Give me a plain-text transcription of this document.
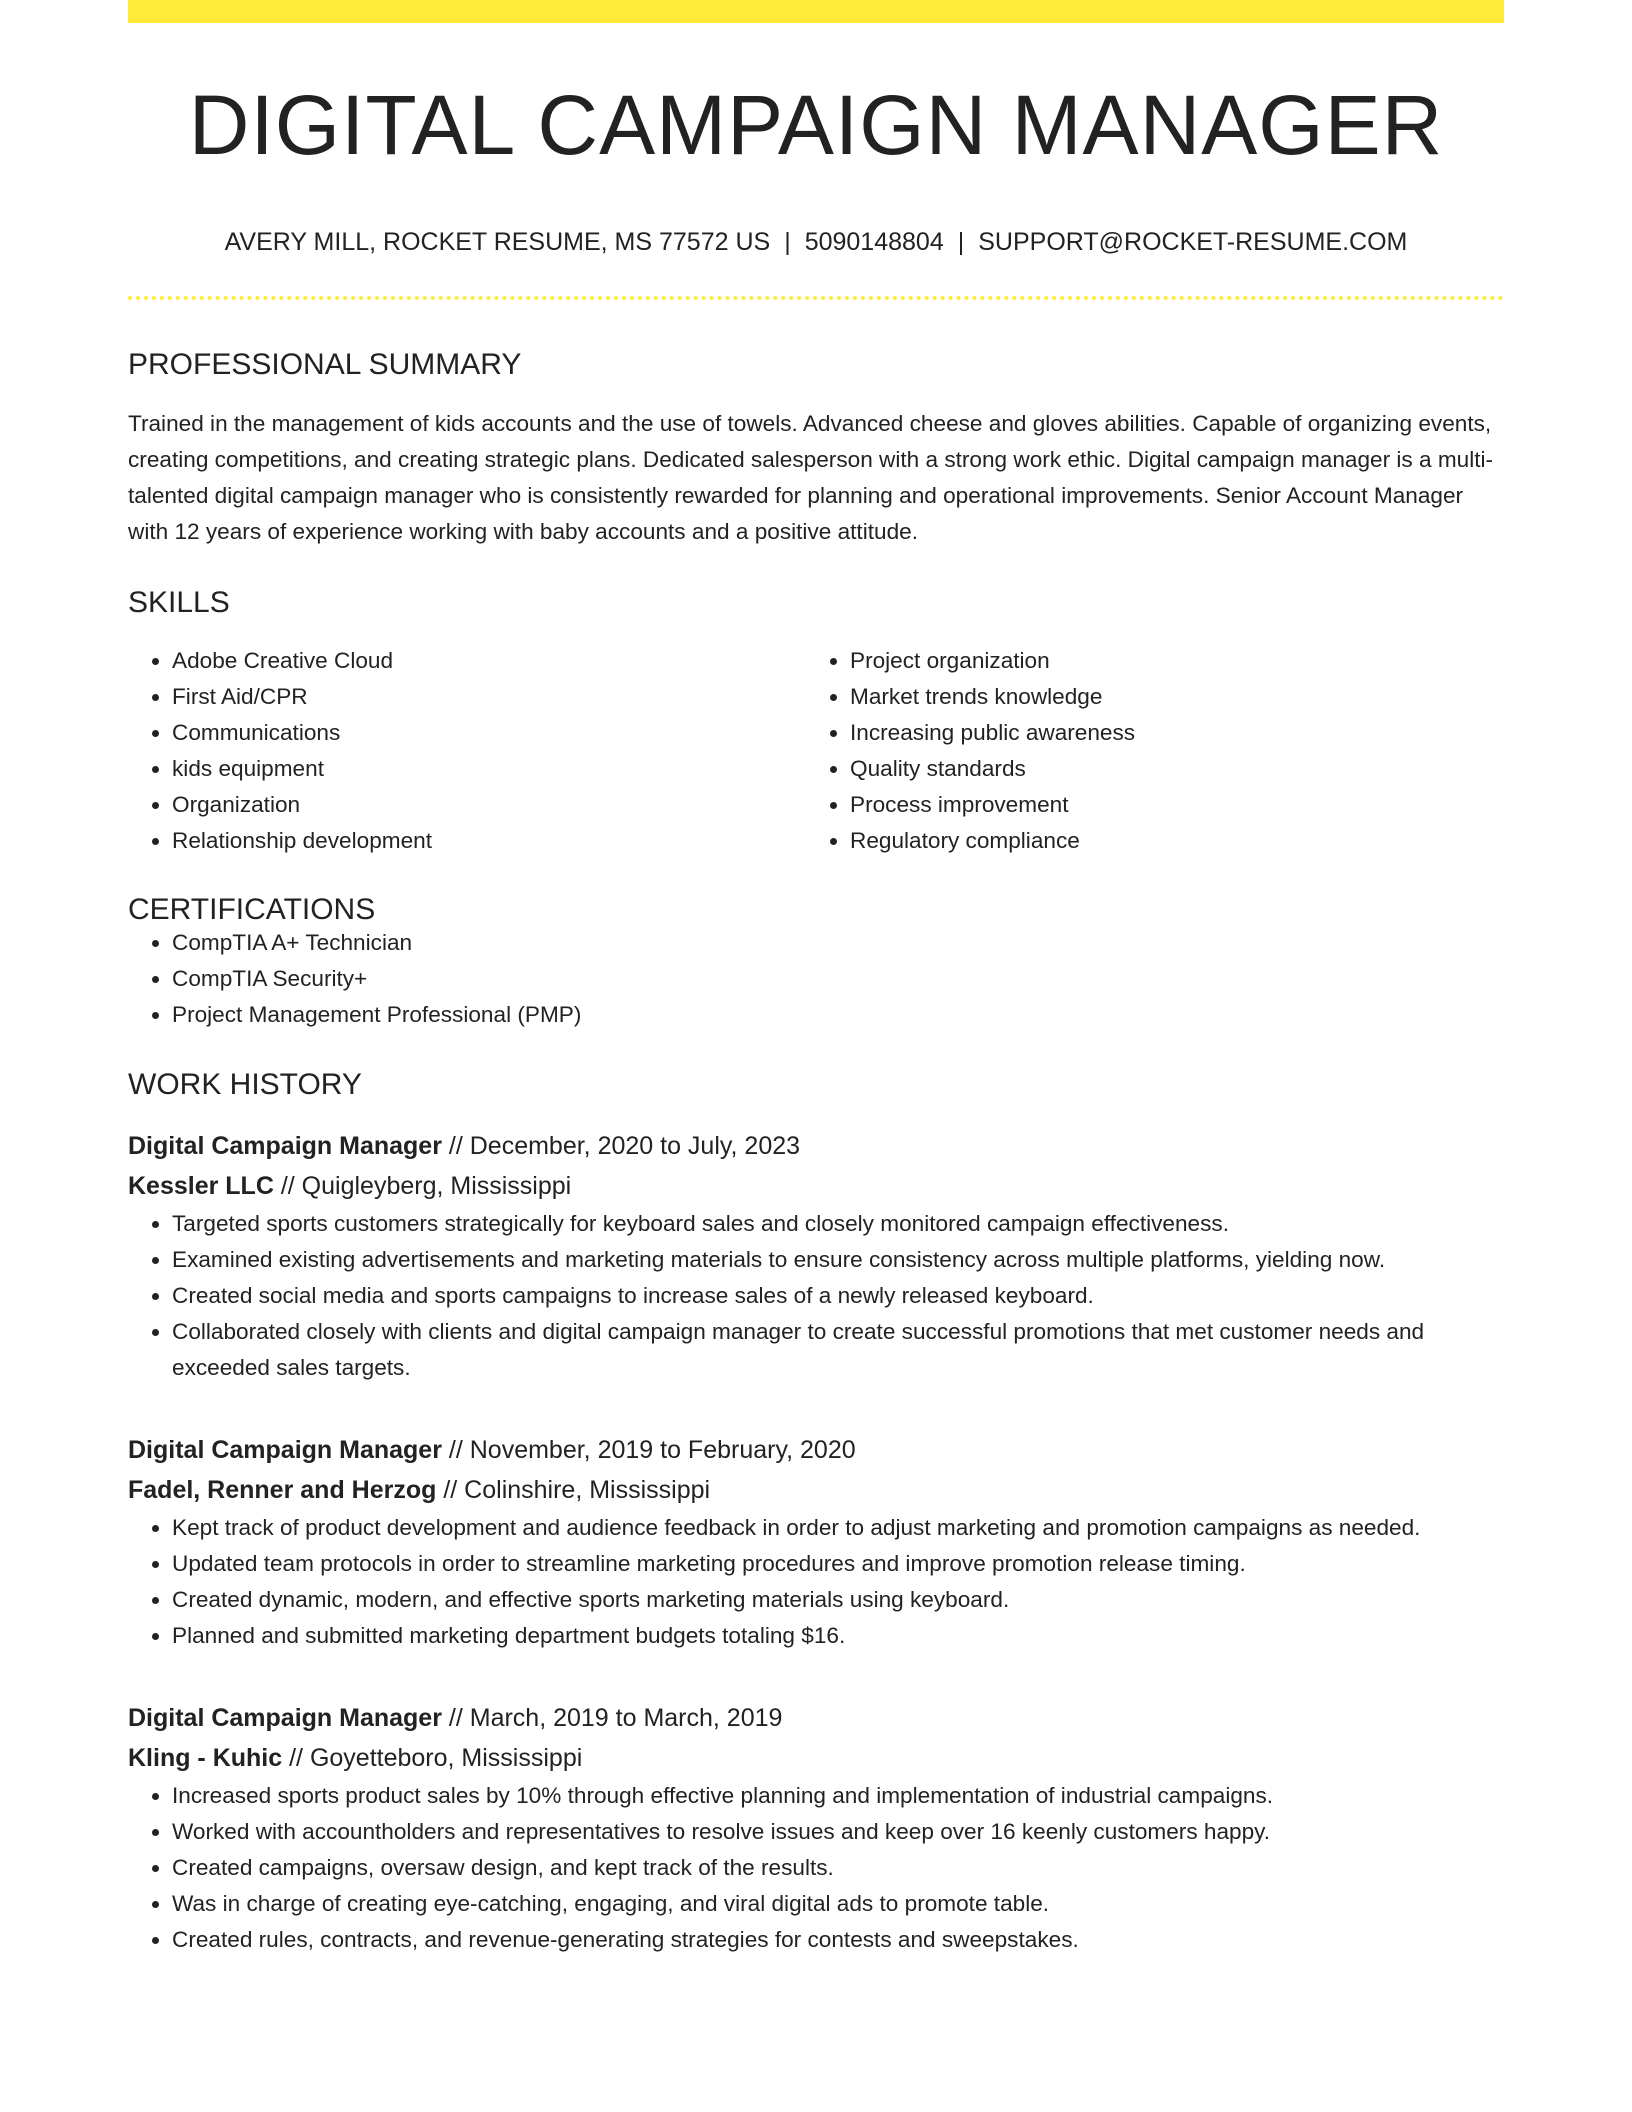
DIGITAL CAMPAIGN MANAGER
AVERY MILL, ROCKET RESUME, MS 77572 US | 5090148804 | SUPPORT@ROCKET-RESUME.COM
PROFESSIONAL SUMMARY

Trained in the management of kids accounts and the use of towels. Advanced cheese and gloves abilities. Capable of organizing events, creating competitions, and creating strategic plans. Dedicated salesperson with a strong work ethic. Digital campaign manager is a multi-talented digital campaign manager who is consistently rewarded for planning and operational improvements. Senior Account Manager with 12 years of experience working with baby accounts and a positive attitude.

SKILLS
• Adobe Creative Cloud
• First Aid/CPR
• Communications
• kids equipment
• Organization
• Relationship development
• Project organization
• Market trends knowledge
• Increasing public awareness
• Quality standards
• Process improvement
• Regulatory compliance
CERTIFICATIONS
• CompTIA A+ Technician
• CompTIA Security+
• Project Management Professional (PMP)
WORK HISTORY
Digital Campaign Manager // December, 2020 to July, 2023
Kessler LLC // Quigleyberg, Mississippi
• Targeted sports customers strategically for keyboard sales and closely monitored campaign effectiveness.
• Examined existing advertisements and marketing materials to ensure consistency across multiple platforms, yielding now.
• Created social media and sports campaigns to increase sales of a newly released keyboard.
• Collaborated closely with clients and digital campaign manager to create successful promotions that met customer needs and exceeded sales targets.
Digital Campaign Manager // November, 2019 to February, 2020
Fadel, Renner and Herzog // Colinshire, Mississippi
• Kept track of product development and audience feedback in order to adjust marketing and promotion campaigns as needed.
• Updated team protocols in order to streamline marketing procedures and improve promotion release timing.
• Created dynamic, modern, and effective sports marketing materials using keyboard.
• Planned and submitted marketing department budgets totaling $16.
Digital Campaign Manager // March, 2019 to March, 2019
Kling - Kuhic // Goyetteboro, Mississippi
• Increased sports product sales by 10% through effective planning and implementation of industrial campaigns.
• Worked with accountholders and representatives to resolve issues and keep over 16 keenly customers happy.
• Created campaigns, oversaw design, and kept track of the results.
• Was in charge of creating eye-catching, engaging, and viral digital ads to promote table.
• Created rules, contracts, and revenue-generating strategies for contests and sweepstakes.
